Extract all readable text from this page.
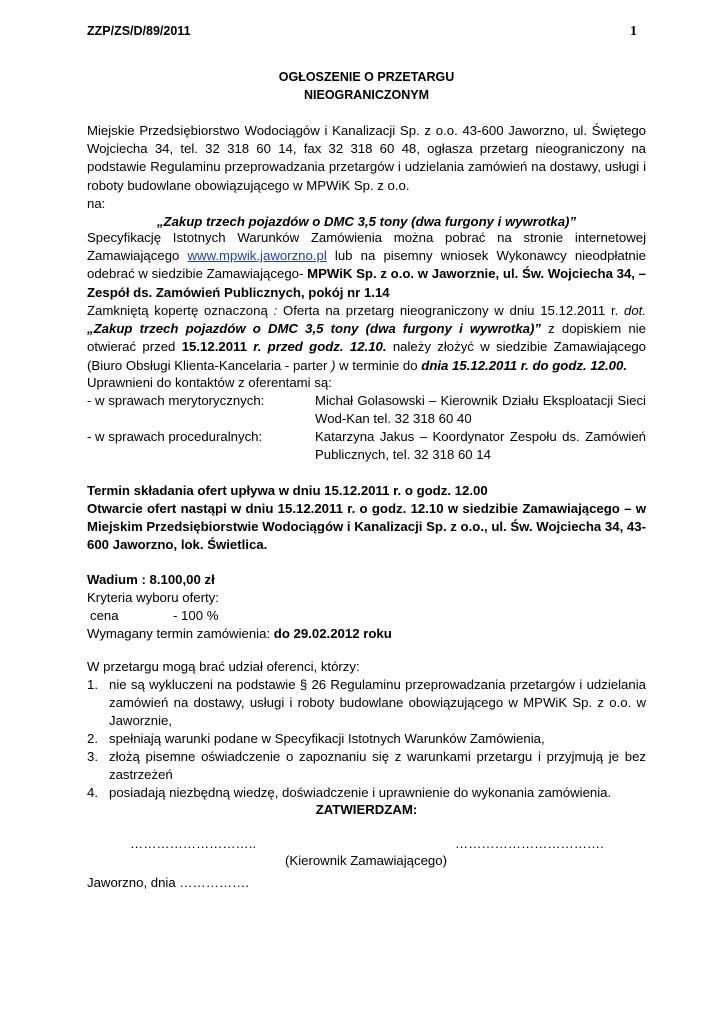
ZZP/ZS/D/89/2011	1
OGŁOSZENIE O PRZETARGU
NIEOGRANICZONYM
Miejskie Przedsiębiorstwo Wodociągów i Kanalizacji Sp. z o.o. 43-600 Jaworzno, ul. Świętego Wojciecha 34, tel. 32 318 60 14, fax 32 318 60 48, ogłasza przetarg nieograniczony na podstawie Regulaminu przeprowadzania przetargów i udzielania zamówień na dostawy, usługi i roboty budowlane obowiązującego w MPWiK Sp. z o.o.
na:
„Zakup trzech pojazdów o DMC 3,5 tony (dwa furgony i wywrotka)”
Specyfikację Istotnych Warunków Zamówienia można pobrać na stronie internetowej Zamawiającego www.mpwik.jaworzno.pl lub na pisemny wniosek Wykonawcy nieodpłatnie odebrać w siedzibie Zamawiającego- MPWiK Sp. z o.o. w Jaworznie, ul. Św. Wojciecha 34, – Zespół ds. Zamówień Publicznych, pokój nr 1.14
Zamkniętą kopertę oznaczoną : Oferta na przetarg nieograniczony w dniu 15.12.2011 r. dot. „Zakup trzech pojazdów o DMC 3,5 tony (dwa furgony i wywrotka)” z dopiskiem nie otwierać przed 15.12.2011 r. przed godz. 12.10. należy złożyć w siedzibie Zamawiającego (Biuro Obsługi Klienta-Kancelaria - parter ) w terminie do dnia 15.12.2011 r. do godz. 12.00.
Uprawnieni do kontaktów z oferentami są:
- w sprawach merytorycznych:	Michał Golasowski – Kierownik Działu Eksploatacji Sieci Wod-Kan tel. 32 318 60 40
- w sprawach proceduralnych:	Katarzyna Jakus – Koordynator Zespołu ds. Zamówień Publicznych, tel. 32 318 60 14
Termin składania ofert upływa w dniu 15.12.2011 r. o godz. 12.00
Otwarcie ofert nastąpi w dniu 15.12.2011 r. o godz. 12.10 w siedzibie Zamawiającego – w Miejskim Przedsiębiorstwie Wodociągów i Kanalizacji Sp. z o.o., ul. Św. Wojciecha 34, 43-600 Jaworzno, lok. Świetlica.
Wadium : 8.100,00 zł
Kryteria wyboru oferty:
cena	- 100 %
Wymagany termin zamówienia: do 29.02.2012 roku
W przetargu mogą brać udział oferenci, którzy:
1. nie są wykluczeni na podstawie § 26 Regulaminu przeprowadzania przetargów i udzielania zamówień na dostawy, usługi i roboty budowlane obowiązującego w MPWiK Sp. z o.o. w Jaworznie,
2. spełniają warunki podane w Specyfikacji Istotnych Warunków Zamówienia,
3. złożą pisemne oświadczenie o zapoznaniu się z warunkami przetargu i przyjmują je bez zastrzeżeń
4. posiadają niezbędną wiedzę, doświadczenie i uprawnienie do wykonania zamówienia.
ZATWIERDZAM:
………………………..	…………………………….
(Kierownik Zamawiającego)
Jaworzno, dnia …………….
